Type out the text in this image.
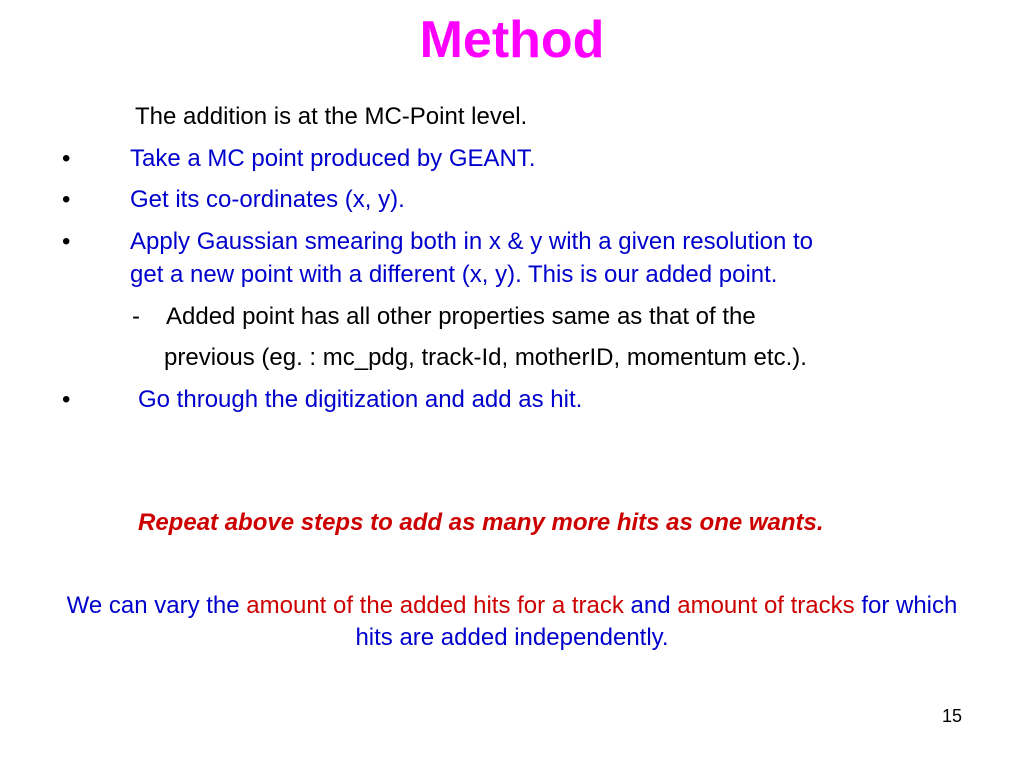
Method
The addition is at the MC-Point level.
• Take a MC point produced by GEANT.
• Get its co-ordinates (x, y).
• Apply Gaussian smearing both in x & y with a given resolution to
get a new point with a different (x, y). This is our added point.
- Added point has all other properties same as that of the
previous (eg. : mc_pdg, track-Id, motherID, momentum etc.).
•	Go through the digitization and add as hit.
Repeat above steps to add as many more hits as one wants.
We can vary the amount of the added hits for a track and amount of tracks for which hits are added independently.
15
